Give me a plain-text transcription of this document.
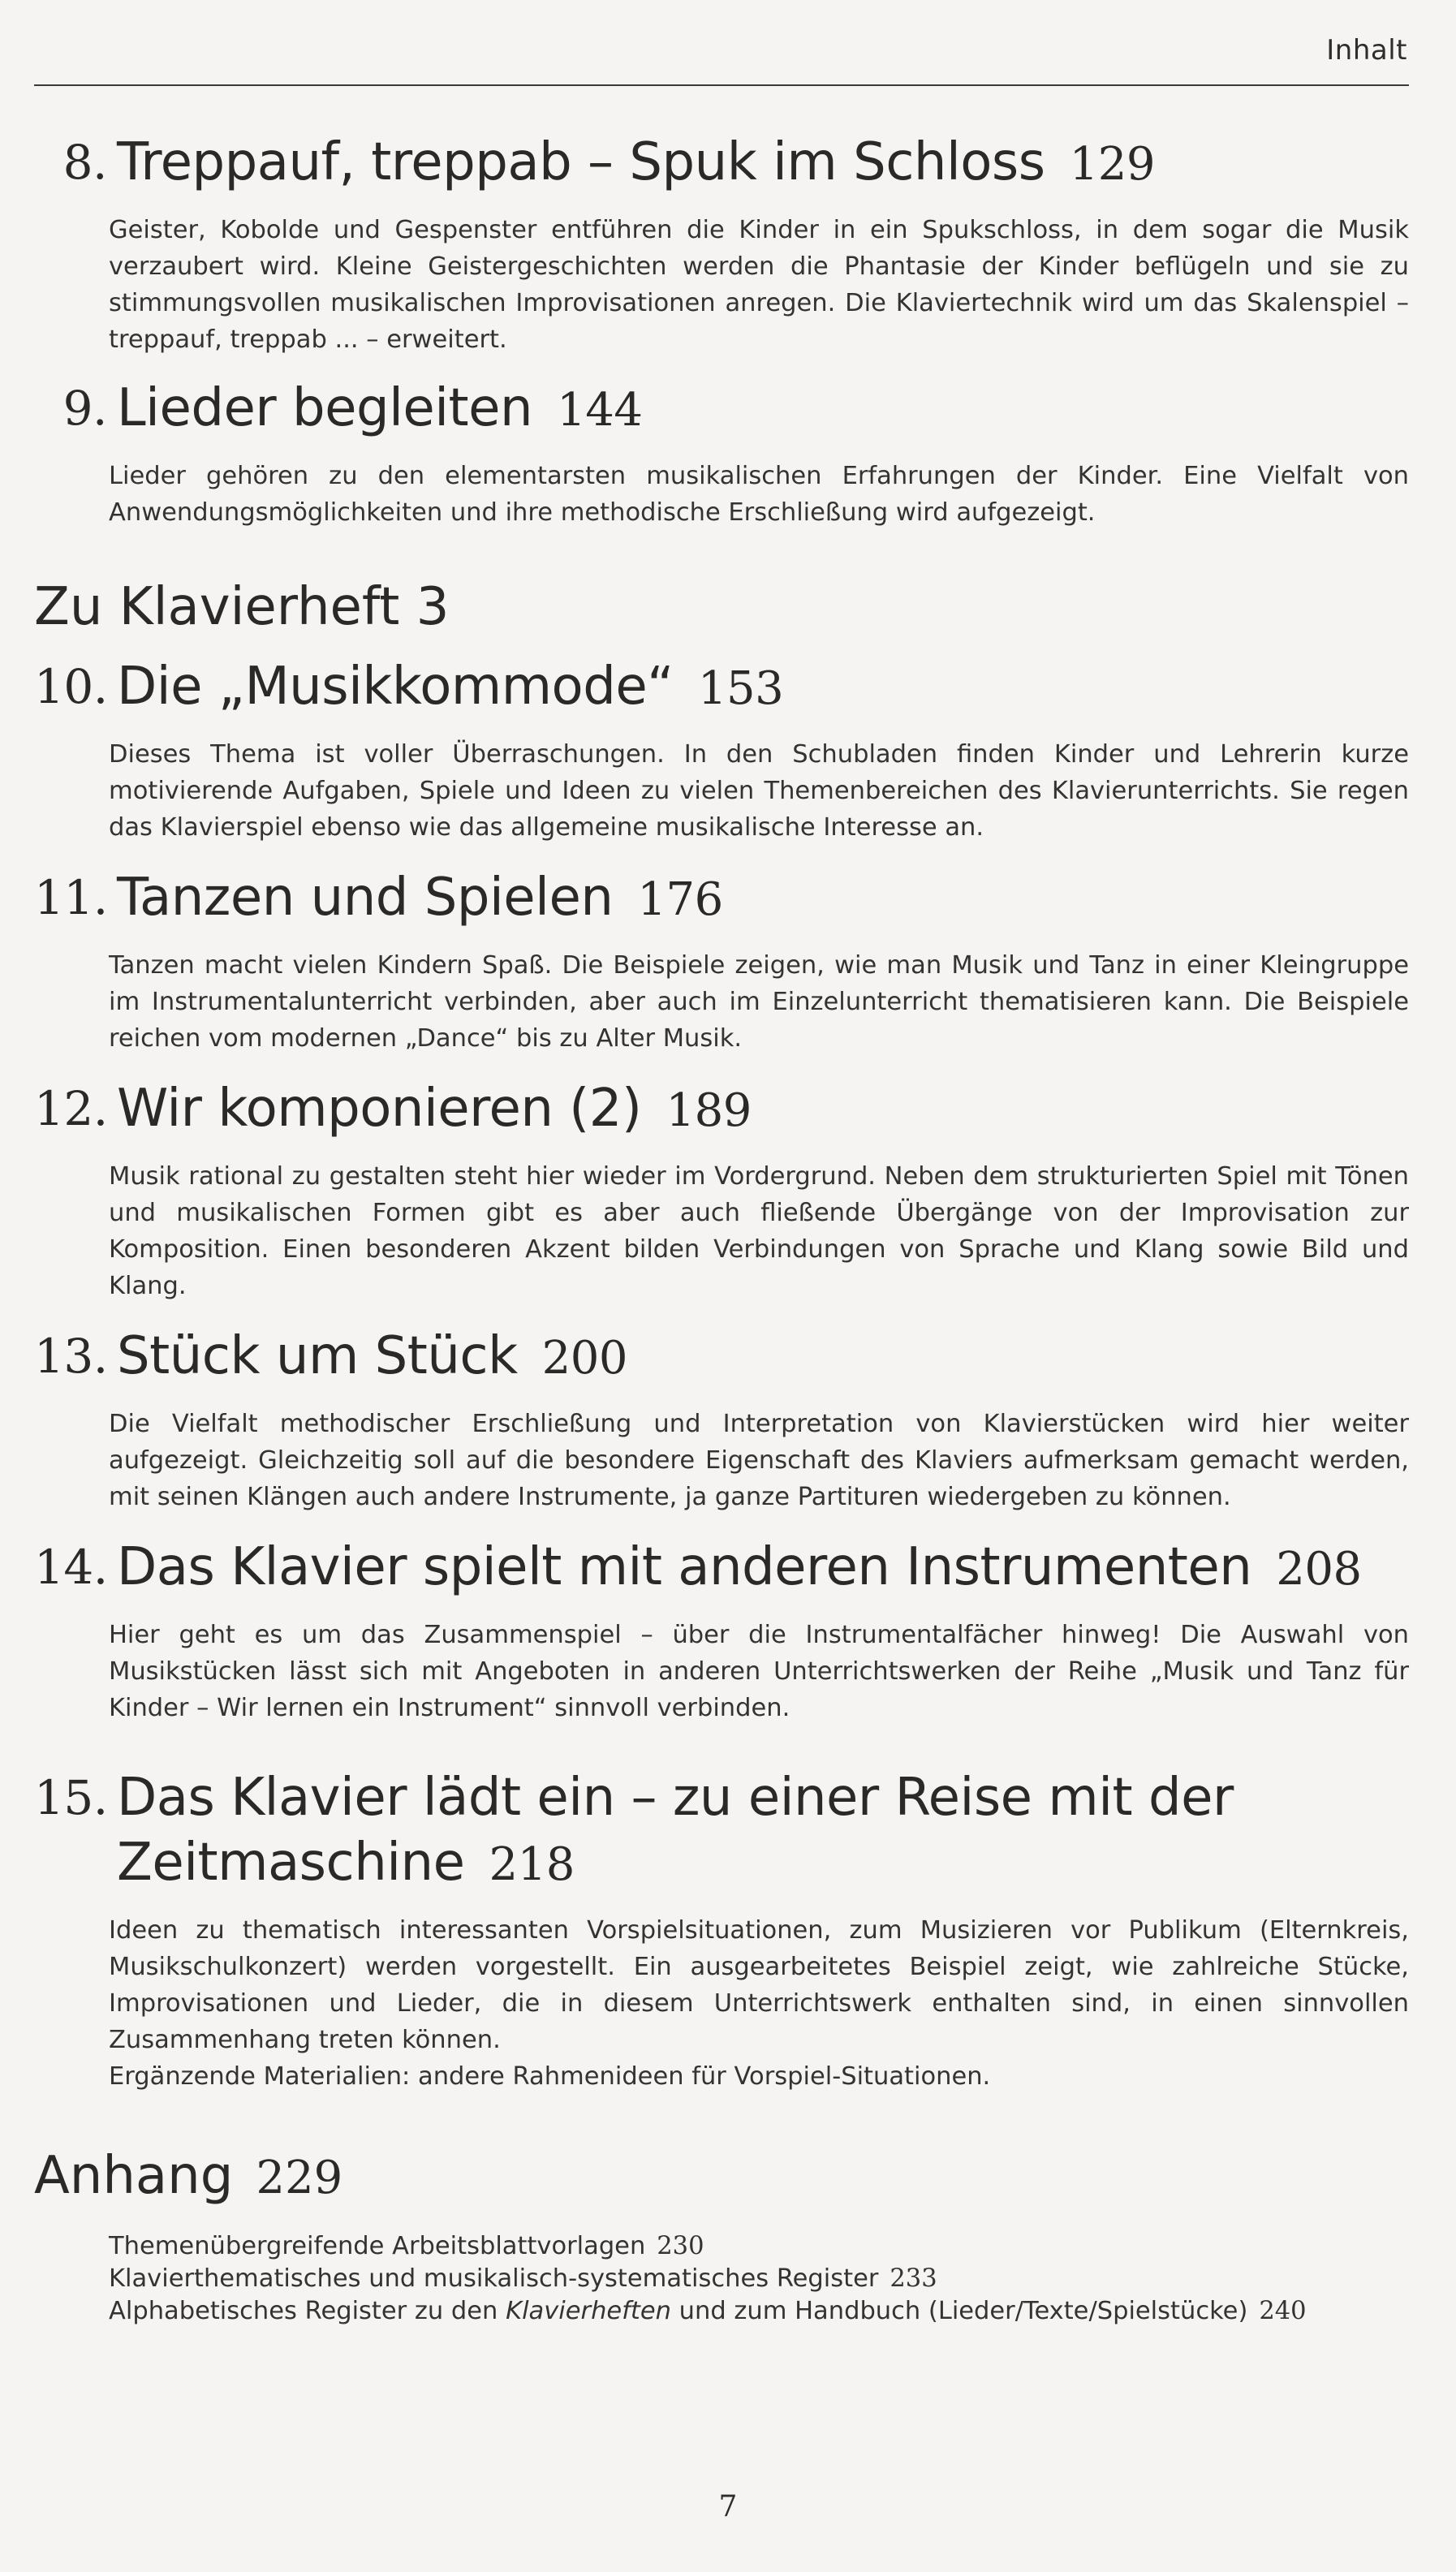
Inhalt
8. Treppauf, treppab – Spuk im Schloss 129

Geister, Kobolde und Gespenster entführen die Kinder in ein Spukschloss, in dem sogar die Musik verzaubert wird. Kleine Geistergeschichten werden die Phantasie der Kinder beflügeln und sie zu stimmungsvollen musikalischen Improvisationen anregen. Die Klaviertechnik wird um das Skalenspiel – treppauf, treppab ... – erweitert.

9. Lieder begleiten 144

Lieder gehören zu den elementarsten musikalischen Erfahrungen der Kinder. Eine Vielfalt von Anwendungsmöglichkeiten und ihre methodische Erschließung wird aufgezeigt.

Zu Klavierheft 3
10. Die „Musikkommode“ 153

Dieses Thema ist voller Überraschungen. In den Schubladen finden Kinder und Lehrerin kurze motivierende Aufgaben, Spiele und Ideen zu vielen Themenbereichen des Klavierunterrichts. Sie regen das Klavierspiel ebenso wie das allgemeine musikalische Interesse an.

11. Tanzen und Spielen 176

Tanzen macht vielen Kindern Spaß. Die Beispiele zeigen, wie man Musik und Tanz in einer Kleingruppe im Instrumentalunterricht verbinden, aber auch im Einzelunterricht thematisieren kann. Die Beispiele reichen vom modernen „Dance“ bis zu Alter Musik.

12. Wir komponieren (2) 189

Musik rational zu gestalten steht hier wieder im Vordergrund. Neben dem strukturierten Spiel mit Tönen und musikalischen Formen gibt es aber auch fließende Übergänge von der Improvisation zur Komposition. Einen besonderen Akzent bilden Verbindungen von Sprache und Klang sowie Bild und Klang.

13. Stück um Stück 200

Die Vielfalt methodischer Erschließung und Interpretation von Klavierstücken wird hier weiter aufgezeigt. Gleichzeitig soll auf die besondere Eigenschaft des Klaviers aufmerksam gemacht werden, mit seinen Klängen auch andere Instrumente, ja ganze Partituren wiedergeben zu können.

14. Das Klavier spielt mit anderen Instrumenten 208

Hier geht es um das Zusammenspiel – über die Instrumentalfächer hinweg! Die Auswahl von Musikstücken lässt sich mit Angeboten in anderen Unterrichtswerken der Reihe „Musik und Tanz für Kinder – Wir lernen ein Instrument“ sinnvoll verbinden.

15. Das Klavier lädt ein – zu einer Reise mit der
Zeitmaschine 218

Ideen zu thematisch interessanten Vorspielsituationen, zum Musizieren vor Publikum (Elternkreis, Musikschulkonzert) werden vorgestellt. Ein ausgearbeitetes Beispiel zeigt, wie zahlreiche Stücke, Improvisationen und Lieder, die in diesem Unterrichtswerk enthalten sind, in einen sinnvollen Zusammenhang treten können.
Ergänzende Materialien: andere Rahmenideen für Vorspiel-Situationen.

Anhang 229
Themenübergreifende Arbeitsblattvorlagen 230
Klavierthematisches und musikalisch-systematisches Register 233
Alphabetisches Register zu den Klavierheften und zum Handbuch (Lieder/Texte/Spielstücke) 240
7
